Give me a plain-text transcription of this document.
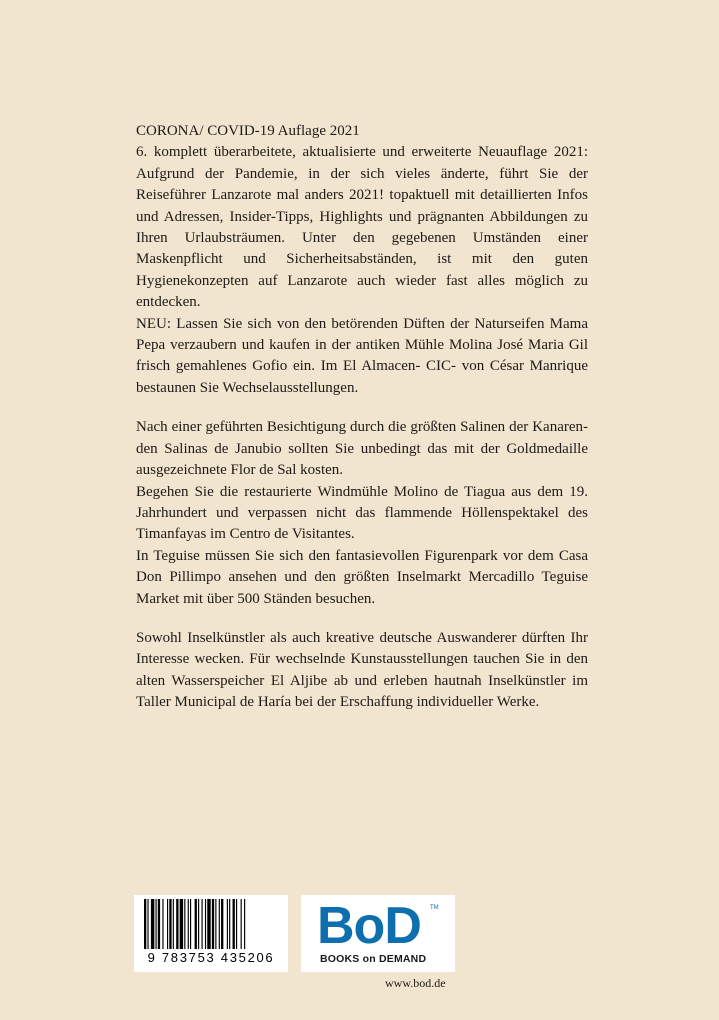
CORONA/ COVID-19 Auflage 2021

6. komplett überarbeitete, aktualisierte und erweiterte Neuauflage 2021: Aufgrund der Pandemie, in der sich vieles änderte, führt Sie der Reiseführer Lanzarote mal anders 2021! topaktuell mit detaillierten Infos und Adressen, Insider-Tipps, Highlights und prägnanten Abbildungen zu Ihren Urlaubsträumen. Unter den gegebenen Umständen einer Maskenpflicht und Sicherheitsabständen, ist mit den guten Hygienekonzepten auf Lanzarote auch wieder fast alles möglich zu entdecken.

NEU: Lassen Sie sich von den betörenden Düften der Naturseifen Mama Pepa verzaubern und kaufen in der antiken Mühle Molina José Maria Gil frisch gemahlenes Gofio ein. Im El Almacen- CIC- von César Manrique bestaunen Sie Wechselausstellungen.

Nach einer geführten Besichtigung durch die größten Salinen der Kanaren- den Salinas de Janubio sollten Sie unbedingt das mit der Goldmedaille ausgezeichnete Flor de Sal kosten.

Begehen Sie die restaurierte Windmühle Molino de Tiagua aus dem 19. Jahrhundert und verpassen nicht das flammende Höllenspektakel des Timanfayas im Centro de Visitantes.

In Teguise müssen Sie sich den fantasievollen Figurenpark vor dem Casa Don Pillimpo ansehen und den größten Inselmarkt Mercadillo Teguise Market mit über 500 Ständen besuchen.

Sowohl Inselkünstler als auch kreative deutsche Auswanderer dürften Ihr Interesse wecken. Für wechselnde Kunstausstellungen tauchen Sie in den alten Wasserspeicher El Aljibe ab und erleben hautnah Inselkünstler im Taller Municipal de Haría bei der Erschaffung individueller Werke.

9 783753 435206
BoD TM
BOOKS on DEMAND
www.bod.de
